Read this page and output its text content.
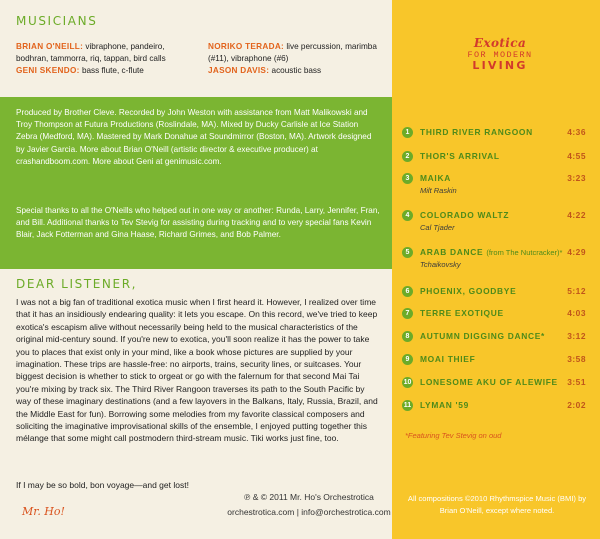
MUSICIANS
BRIAN O'NEILL: vibraphone, pandeiro, bodhran, tammorra, riq, tappan, bird calls
GENI SKENDO: bass flute, c-flute
NORIKO TERADA: live percussion, marimba (#11), vibraphone (#6)
JASON DAVIS: acoustic bass

Produced by Brother Cleve. Recorded by John Weston with assistance from Matt Malikowski and Troy Thompson at Futura Productions (Roslindale, MA). Mixed by Ducky Carlisle at Ice Station Zebra (Medford, MA). Mastered by Mark Donahue at Soundmirror (Boston, MA). Artwork designed by Javier Garcia. More about Brian O'Neill (artistic director & executive producer) at crashandboom.com. More about Geni at genimusic.com.

Special thanks to all the O'Neills who helped out in one way or another: Runda, Larry, Jennifer, Fran, and Bill. Additional thanks to Tev Stevig for assisting during tracking and to very special fans Kevin Blair, Jack Fotterman and Gina Haase, Richard Grimes, and Bob Palmer.

DEAR LISTENER,

I was not a big fan of traditional exotica music when I first heard it. However, I realized over time that it has an insidiously endearing quality: it lets you escape. On this record, we've tried to keep exotica's escapism alive without necessarily being held to the musical characteristics of the original mid-century sound. If you're new to exotica, you'll soon realize it has the power to take you to places that exist only in your mind, like a book whose pictures are supplied by your imagination. These trips are hassle-free: no airports, trains, security lines, or suitcases. Your biggest decision is whether to stick to orgeat or go with the falernum for that second Mai Tai you're mixing by track six. The Third River Rangoon traverses its path to the South Pacific by way of these imaginary destinations (and a few layovers in the Balkans, Italy, Russia, Brazil, and the Middle East for fun). Borrowing some melodies from my favorite classical composers and soliciting the imaginative improvisational skills of the ensemble, I enjoyed putting together this mélange that some might call postmodern third-stream music. Tiki works just fine, too.

If I may be so bold, bon voyage—and get lost!
Mr. Ho!
℗ & © 2011 Mr. Ho's Orchestrotica
orchestrotica.com | info@orchestrotica.com
Exotica
FOR MODERN
LIVING
1	THIRD RIVER RANGOON	4:36
2	THOR'S ARRIVAL	4:55
3	MAIKA	3:23
Milt Raskin
4	COLORADO WALTZ	4:22
Cal Tjader
5	ARAB DANCE (from The Nutcracker)* 4:29
Tchaikovsky
6	PHOENIX, GOODBYE	5:12
7	TERRE EXOTIQUE	4:03
8	AUTUMN DIGGING DANCE*	3:12
9	MOAI THIEF	3:58
10 LONESOME AKU OF ALEWIFE 3:51
11 LYMAN '59	2:02
*Featuring Tev Stevig on oud
All compositions ©2010 Rhythmspice Music (BMI) by Brian O'Neill, except where noted.
